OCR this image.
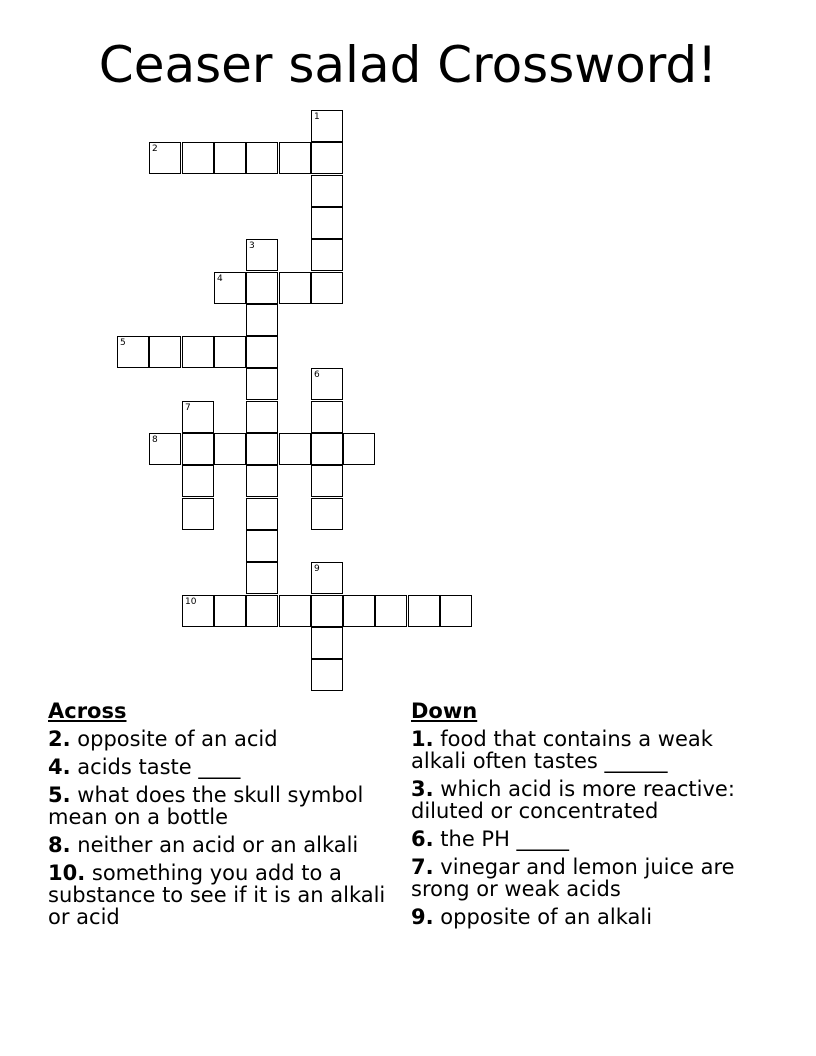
Ceaser salad Crossword!
1
2
3
4
5
6
7
8
9
10
Across
2. opposite of an acid
4. acids taste ____
5. what does the skull symbol mean on a bottle
8. neither an acid or an alkali
10. something you add to a substance to see if it is an alkali or acid
Down
1. food that contains a weak alkali often tastes ______
3. which acid is more reactive: diluted or concentrated
6. the PH _____
7. vinegar and lemon juice are srong or weak acids
9. opposite of an alkali
